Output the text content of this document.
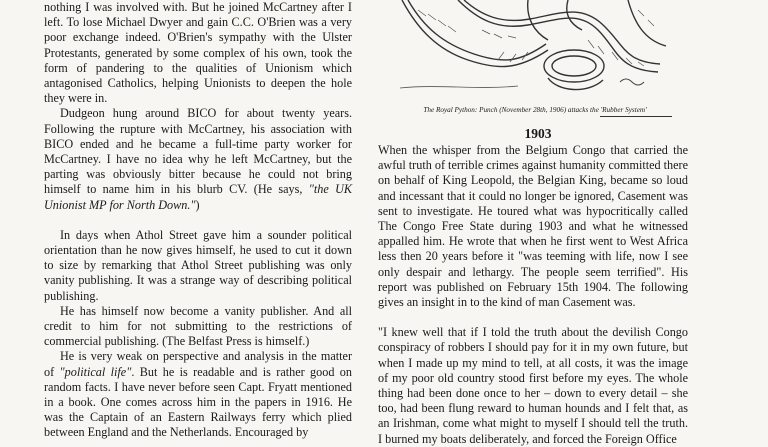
nothing I was involved with. But he joined McCartney after I left. To lose Michael Dwyer and gain C.C. O'Brien was a very poor exchange indeed. O'Brien's sympathy with the Ulster Protestants, generated by some complex of his own, took the form of pandering to the qualities of Unionism which antagonised Catholics, helping Unionists to deepen the hole they were in.

Dudgeon hung around BICO for about twenty years. Following the rupture with McCartney, his association with BICO ended and he became a full-time party worker for McCartney. I have no idea why he left McCartney, but the parting was obviously bitter because he could not bring himself to name him in his blurb CV. (He says, "the UK Unionist MP for North Down.")

In days when Athol Street gave him a sounder political orientation than he now gives himself, he used to cut it down to size by remarking that Athol Street publishing was only vanity publishing. It was a strange way of describing political publishing.

He has himself now become a vanity publisher. And all credit to him for not submitting to the restrictions of commercial publishing. (The Belfast Press is himself.)

He is very weak on perspective and analysis in the matter of "political life". But he is readable and is rather good on random facts. I have never before seen Capt. Fryatt mentioned in a book. One comes across him in the papers in 1916. He was the Captain of an Eastern Railways ferry which plied between England and the Netherlands. Encouraged by

The Royal Python: Punch (November 28th, 1906) attacks the 'Rubber System'
1903

When the whisper from the Belgium Congo that carried the awful truth of terrible crimes against humanity committed there on behalf of King Leopold, the Belgian King, became so loud and incessant that it could no longer be ignored, Casement was sent to investigate. He toured what was hypocritically called The Congo Free State during 1903 and what he witnessed appalled him. He wrote that when he first went to West Africa less then 20 years before it "was teeming with life, now I see only despair and lethargy. The people seem terrified". His report was published on February 15th 1904. The following gives an insight in to the kind of man Casement was.

"I knew well that if I told the truth about the devilish Congo conspiracy of robbers I should pay for it in my own future, but when I made up my mind to tell, at all costs, it was the image of my poor old country stood first before my eyes. The whole thing had been done once to her – down to every detail – she too, had been flung reward to human hounds and I felt that, as an Irishman, come what might to myself I should tell the truth. I burned my boats deliberately, and forced the Foreign Office
